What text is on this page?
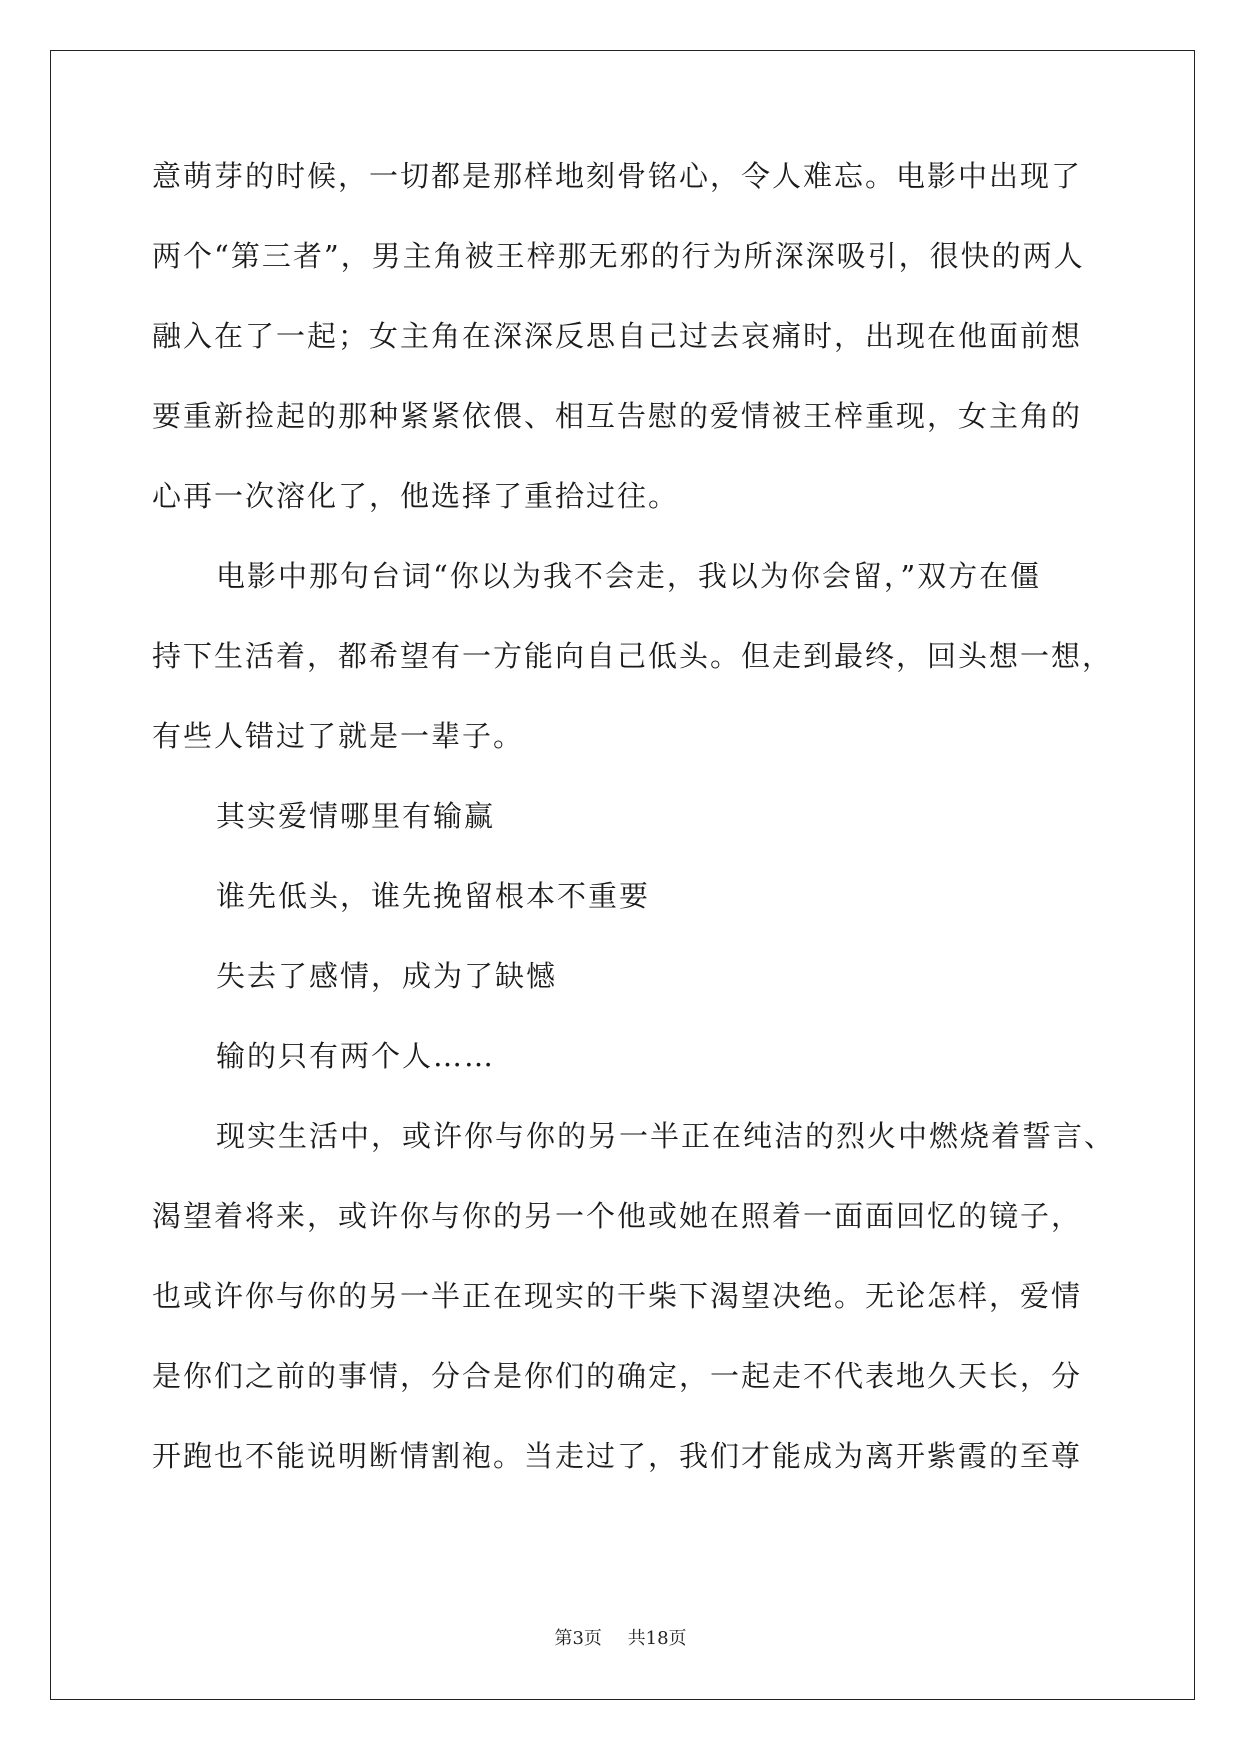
意萌芽的时候，一切都是那样地刻骨铭心，令人难忘。电影中出现了
两个“第三者”，男主角被王梓那无邪的行为所深深吸引，很快的两人
融入在了一起；女主角在深深反思自己过去哀痛时，出现在他面前想
要重新捡起的那种紧紧依偎、相互告慰的爱情被王梓重现，女主角的
心再一次溶化了，他选择了重拾过往。
电影中那句台词“你以为我不会走，我以为你会留，”双方在僵
持下生活着，都希望有一方能向自己低头。但走到最终，回头想一想，
有些人错过了就是一辈子。
其实爱情哪里有输赢
谁先低头，谁先挽留根本不重要
失去了感情，成为了缺憾
输的只有两个人……
现实生活中，或许你与你的另一半正在纯洁的烈火中燃烧着誓言、
渴望着将来，或许你与你的另一个他或她在照着一面面回忆的镜子，
也或许你与你的另一半正在现实的干柴下渴望决绝。无论怎样，爱情
是你们之前的事情，分合是你们的确定，一起走不代表地久天长，分
开跑也不能说明断情割袍。当走过了，我们才能成为离开紫霞的至尊
第3页 共18页
